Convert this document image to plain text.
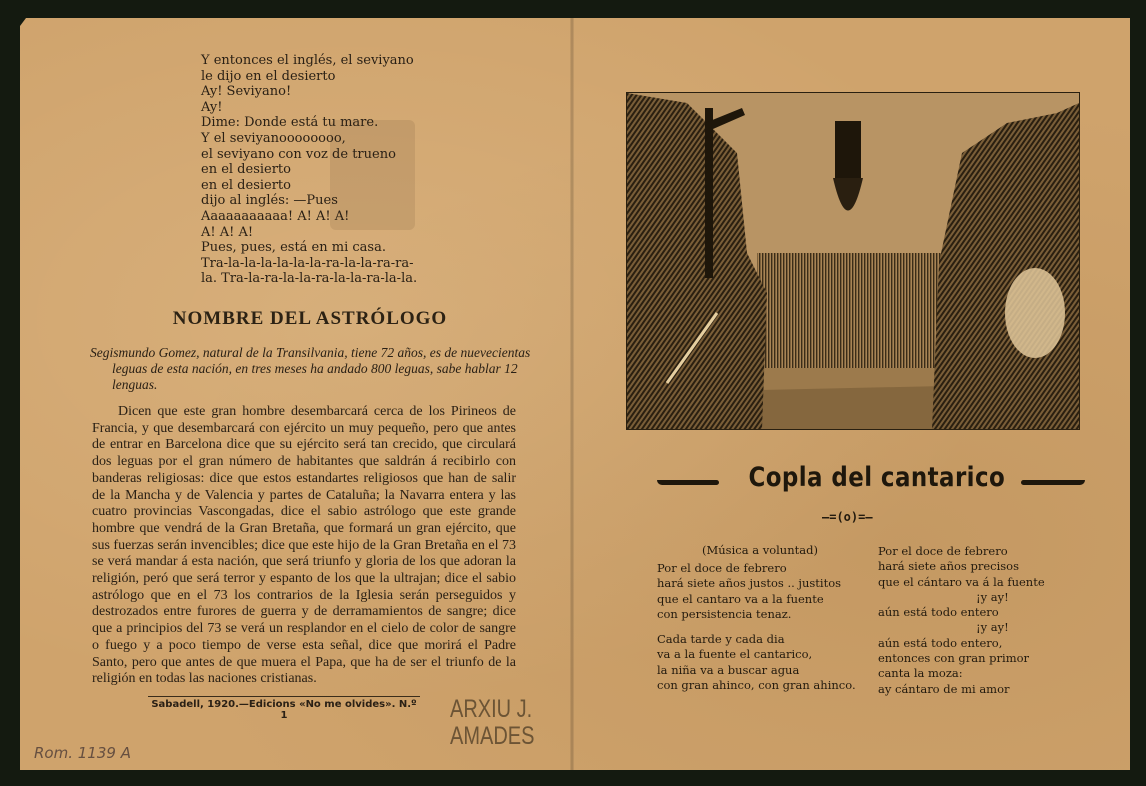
Y entonces el inglés, el seviyano
le dijo en el desierto
Ay! Seviyano!
Ay!
Dime: Donde está tu mare.
Y el seviyanoooooooo,
el seviyano con voz de trueno
en el desierto
en el desierto
dijo al inglés: —Pues
Aaaaaaaaaaa! A! A! A!
A! A! A!
Pues, pues, está en mi casa.
Tra-la-la-la-la-la-la-ra-la-la-ra-ra-
la. Tra-la-ra-la-la-ra-la-la-ra-la-la.
NOMBRE DEL ASTRÓLOGO
Segismundo Gomez, natural de la Transilvania, tiene 72 años, es de nuevecientas leguas de esta nación, en tres meses ha andado 800 leguas, sabe hablar 12 lenguas.
Dicen que este gran hombre desembarcará cerca de los Pirineos de Francia, y que desembarcará con ejército un muy pequeño, pero que antes de entrar en Barcelona dice que su ejército será tan crecido, que circulará dos leguas por el gran número de habitantes que saldrán á recibirlo con banderas religiosas: dice que estos estandartes religiosos que han de salir de la Mancha y de Valencia y partes de Cataluña; la Navarra entera y las cuatro provincias Vascongadas, dice el sabio astrólogo que este grande hombre que vendrá de la Gran Bretaña, que formará un gran ejército, que sus fuerzas serán invencibles; dice que este hijo de la Gran Bretaña en el 73 se verá mandar á esta nación, que será triunfo y gloria de los que adoran la religión, peró que será terror y espanto de los que la ultrajan; dice el sabio astrólogo que en el 73 los contrarios de la Iglesia serán perseguidos y destrozados entre furores de guerra y de derramamientos de sangre; dice que a principios del 73 se verá un resplandor en el cielo de color de sangre o fuego y a poco tiempo de verse esta señal, dice que morirá el Padre Santo, pero que antes de que muera el Papa, que ha de ser el triunfo de la religión en todas las naciones cristianas.
Sabadell, 1920.—Edicions «No me olvides». N.º 1	ARXIU J.
AMADES
Rom. 1139 A
Copla del cantarico
—=(o)=—
(Música a voluntad)
Por el doce de febrero
hará siete años justos .. justitos
que el cantaro va a la fuente
con persistencia tenaz.
Cada tarde y cada dia
va a la fuente el cantarico,
la niña va a buscar agua
con gran ahinco, con gran ahinco.
Por el doce de febrero
hará siete años precisos
que el cántaro va á la fuente
¡y ay!
aún está todo entero
¡y ay!
aún está todo entero,
entonces con gran primor
canta la moza:
ay cántaro de mi amor
